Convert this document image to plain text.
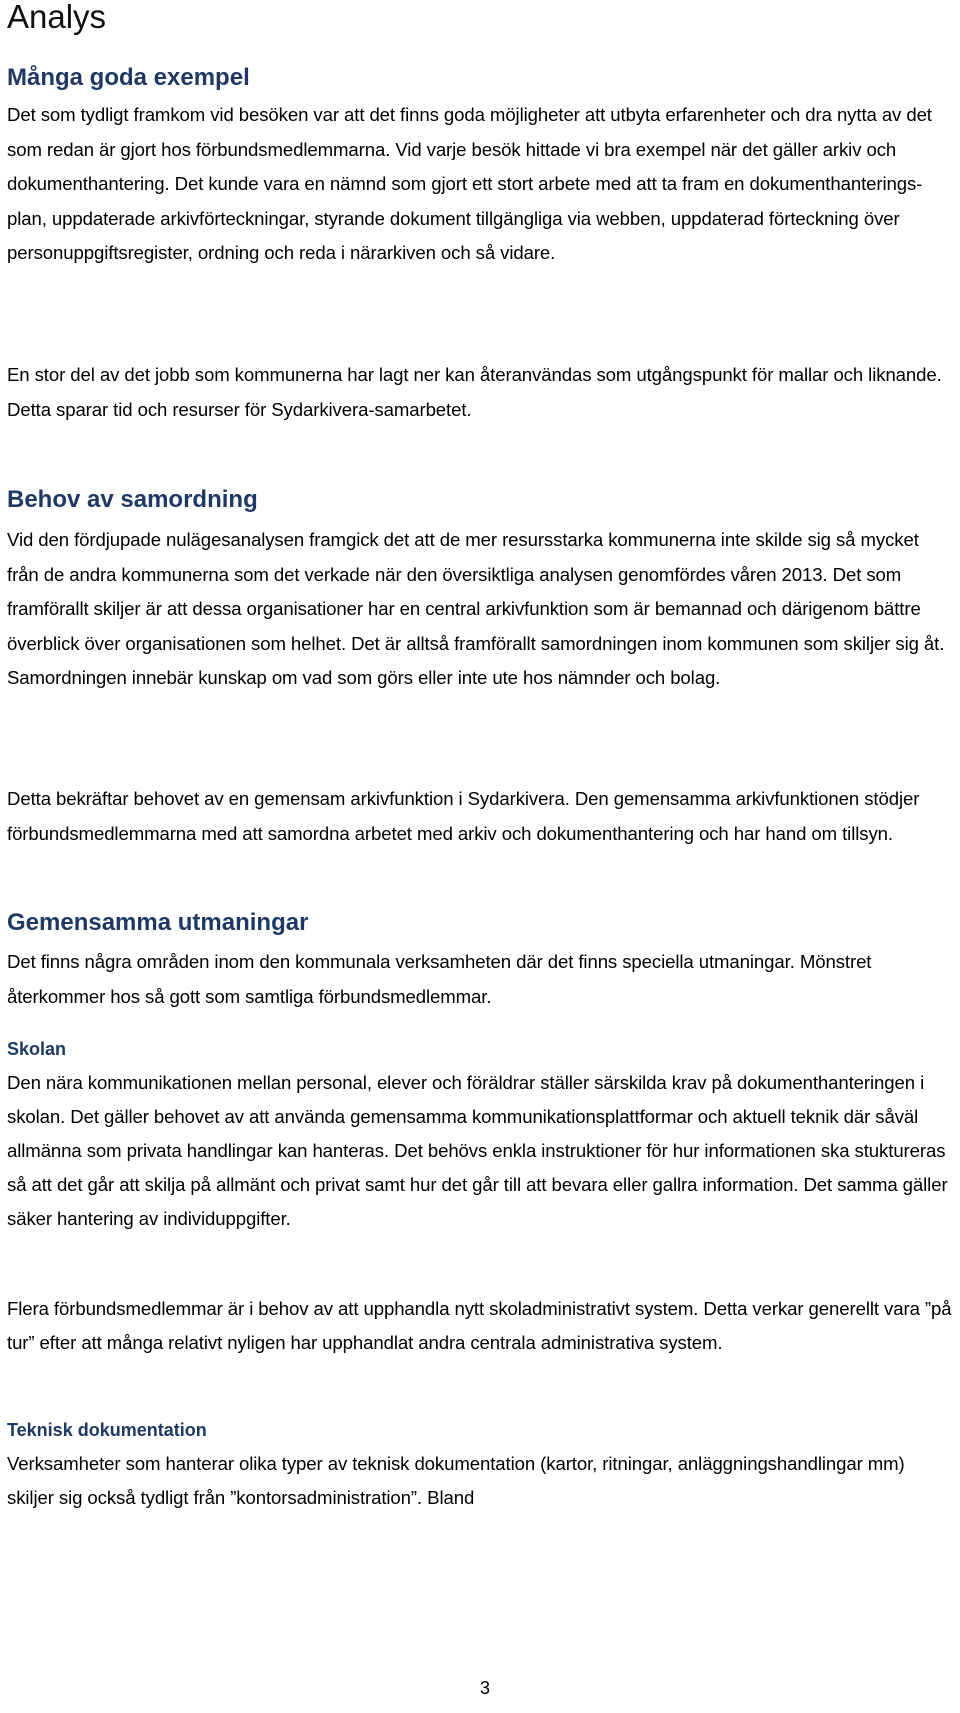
Analys
Många goda exempel

Det som tydligt framkom vid besöken var att det finns goda möjligheter att utbyta erfarenheter och dra nytta av det som redan är gjort hos förbundsmedlemmarna. Vid varje besök hittade vi bra exempel när det gäller arkiv och dokumenthantering. Det kunde vara en nämnd som gjort ett stort arbete med att ta fram en dokumenthanterings-plan, uppdaterade arkivförteckningar, styrande dokument tillgängliga via webben, uppdaterad förteckning över personuppgiftsregister, ordning och reda i närarkiven och så vidare.

En stor del av det jobb som kommunerna har lagt ner kan återanvändas som utgångspunkt för mallar och liknande. Detta sparar tid och resurser för Sydarkivera-samarbetet.

Behov av samordning

Vid den fördjupade nulägesanalysen framgick det att de mer resursstarka kommunerna inte skilde sig så mycket från de andra kommunerna som det verkade när den översiktliga analysen genomfördes våren 2013. Det som framförallt skiljer är att dessa organisationer har en central arkivfunktion som är bemannad och därigenom bättre överblick över organisationen som helhet. Det är alltså framförallt samordningen inom kommunen som skiljer sig åt. Samordningen innebär kunskap om vad som görs eller inte ute hos nämnder och bolag.

Detta bekräftar behovet av en gemensam arkivfunktion i Sydarkivera. Den gemensamma arkivfunktionen stödjer förbundsmedlemmarna med att samordna arbetet med arkiv och dokumenthantering och har hand om tillsyn.

Gemensamma utmaningar

Det finns några områden inom den kommunala verksamheten där det finns speciella utmaningar. Mönstret återkommer hos så gott som samtliga förbundsmedlemmar.

Skolan

Den nära kommunikationen mellan personal, elever och föräldrar ställer särskilda krav på dokumenthanteringen i skolan. Det gäller behovet av att använda gemensamma kommunikationsplattformar och aktuell teknik där såväl allmänna som privata handlingar kan hanteras. Det behövs enkla instruktioner för hur informationen ska stuktureras så att det går att skilja på allmänt och privat samt hur det går till att bevara eller gallra information. Det samma gäller säker hantering av individuppgifter.

Flera förbundsmedlemmar är i behov av att upphandla nytt skoladministrativt system. Detta verkar generellt vara ”på tur” efter att många relativt nyligen har upphandlat andra centrala administrativa system.

Teknisk dokumentation

Verksamheter som hanterar olika typer av teknisk dokumentation (kartor, ritningar, anläggningshandlingar mm) skiljer sig också tydligt från ”kontorsadministration”. Bland

3
